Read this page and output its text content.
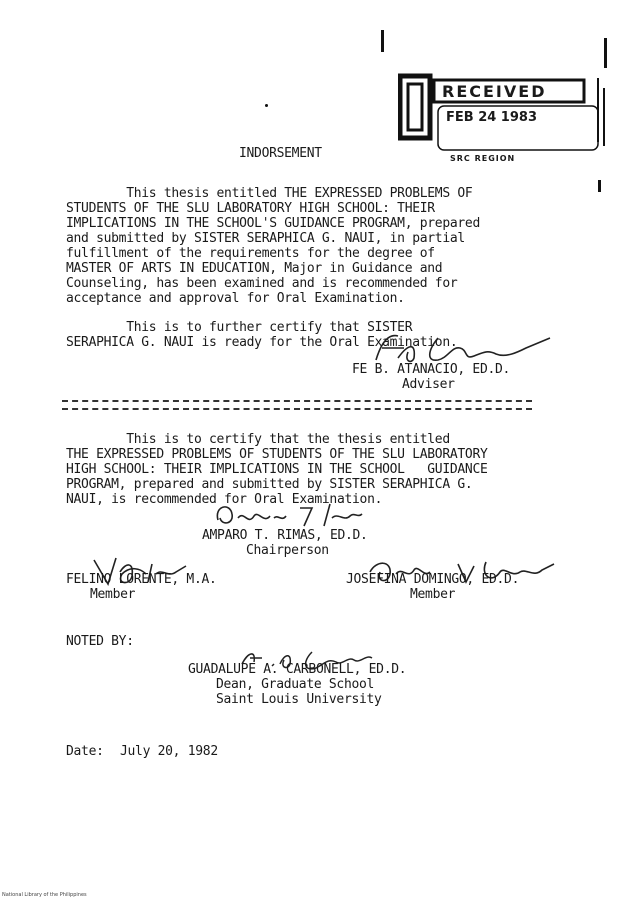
RECEIVED
FEB 24 1983
SRC REGION
INDORSEMENT
This thesis entitled THE EXPRESSED PROBLEMS OF
STUDENTS OF THE SLU LABORATORY HIGH SCHOOL: THEIR
IMPLICATIONS IN THE SCHOOL'S GUIDANCE PROGRAM, prepared
and submitted by SISTER SERAPHICA G. NAUI, in partial
fulfillment of the requirements for the degree of
MASTER OF ARTS IN EDUCATION, Major in Guidance and
Counseling, has been examined and is recommended for
acceptance and approval for Oral Examination.
This is to further certify that SISTER
SERAPHICA G. NAUI is ready for the Oral Examination.
FE B. ATANACIO, ED.D.
Adviser
This is to certify that the thesis entitled
THE EXPRESSED PROBLEMS OF STUDENTS OF THE SLU LABORATORY
HIGH SCHOOL: THEIR IMPLICATIONS IN THE SCHOOL   GUIDANCE
PROGRAM, prepared and submitted by SISTER SERAPHICA G.
NAUI, is recommended for Oral Examination.
AMPARO T. RIMAS, ED.D.
Chairperson
FELINO LORENTE, M.A.
Member
JOSEFINA DOMINGO, ED.D.
Member
NOTED BY:
GUADALUPE A. CARBONELL, ED.D.
Dean, Graduate School
Saint Louis University
Date: July 20, 1982
National Library of the Philippines
